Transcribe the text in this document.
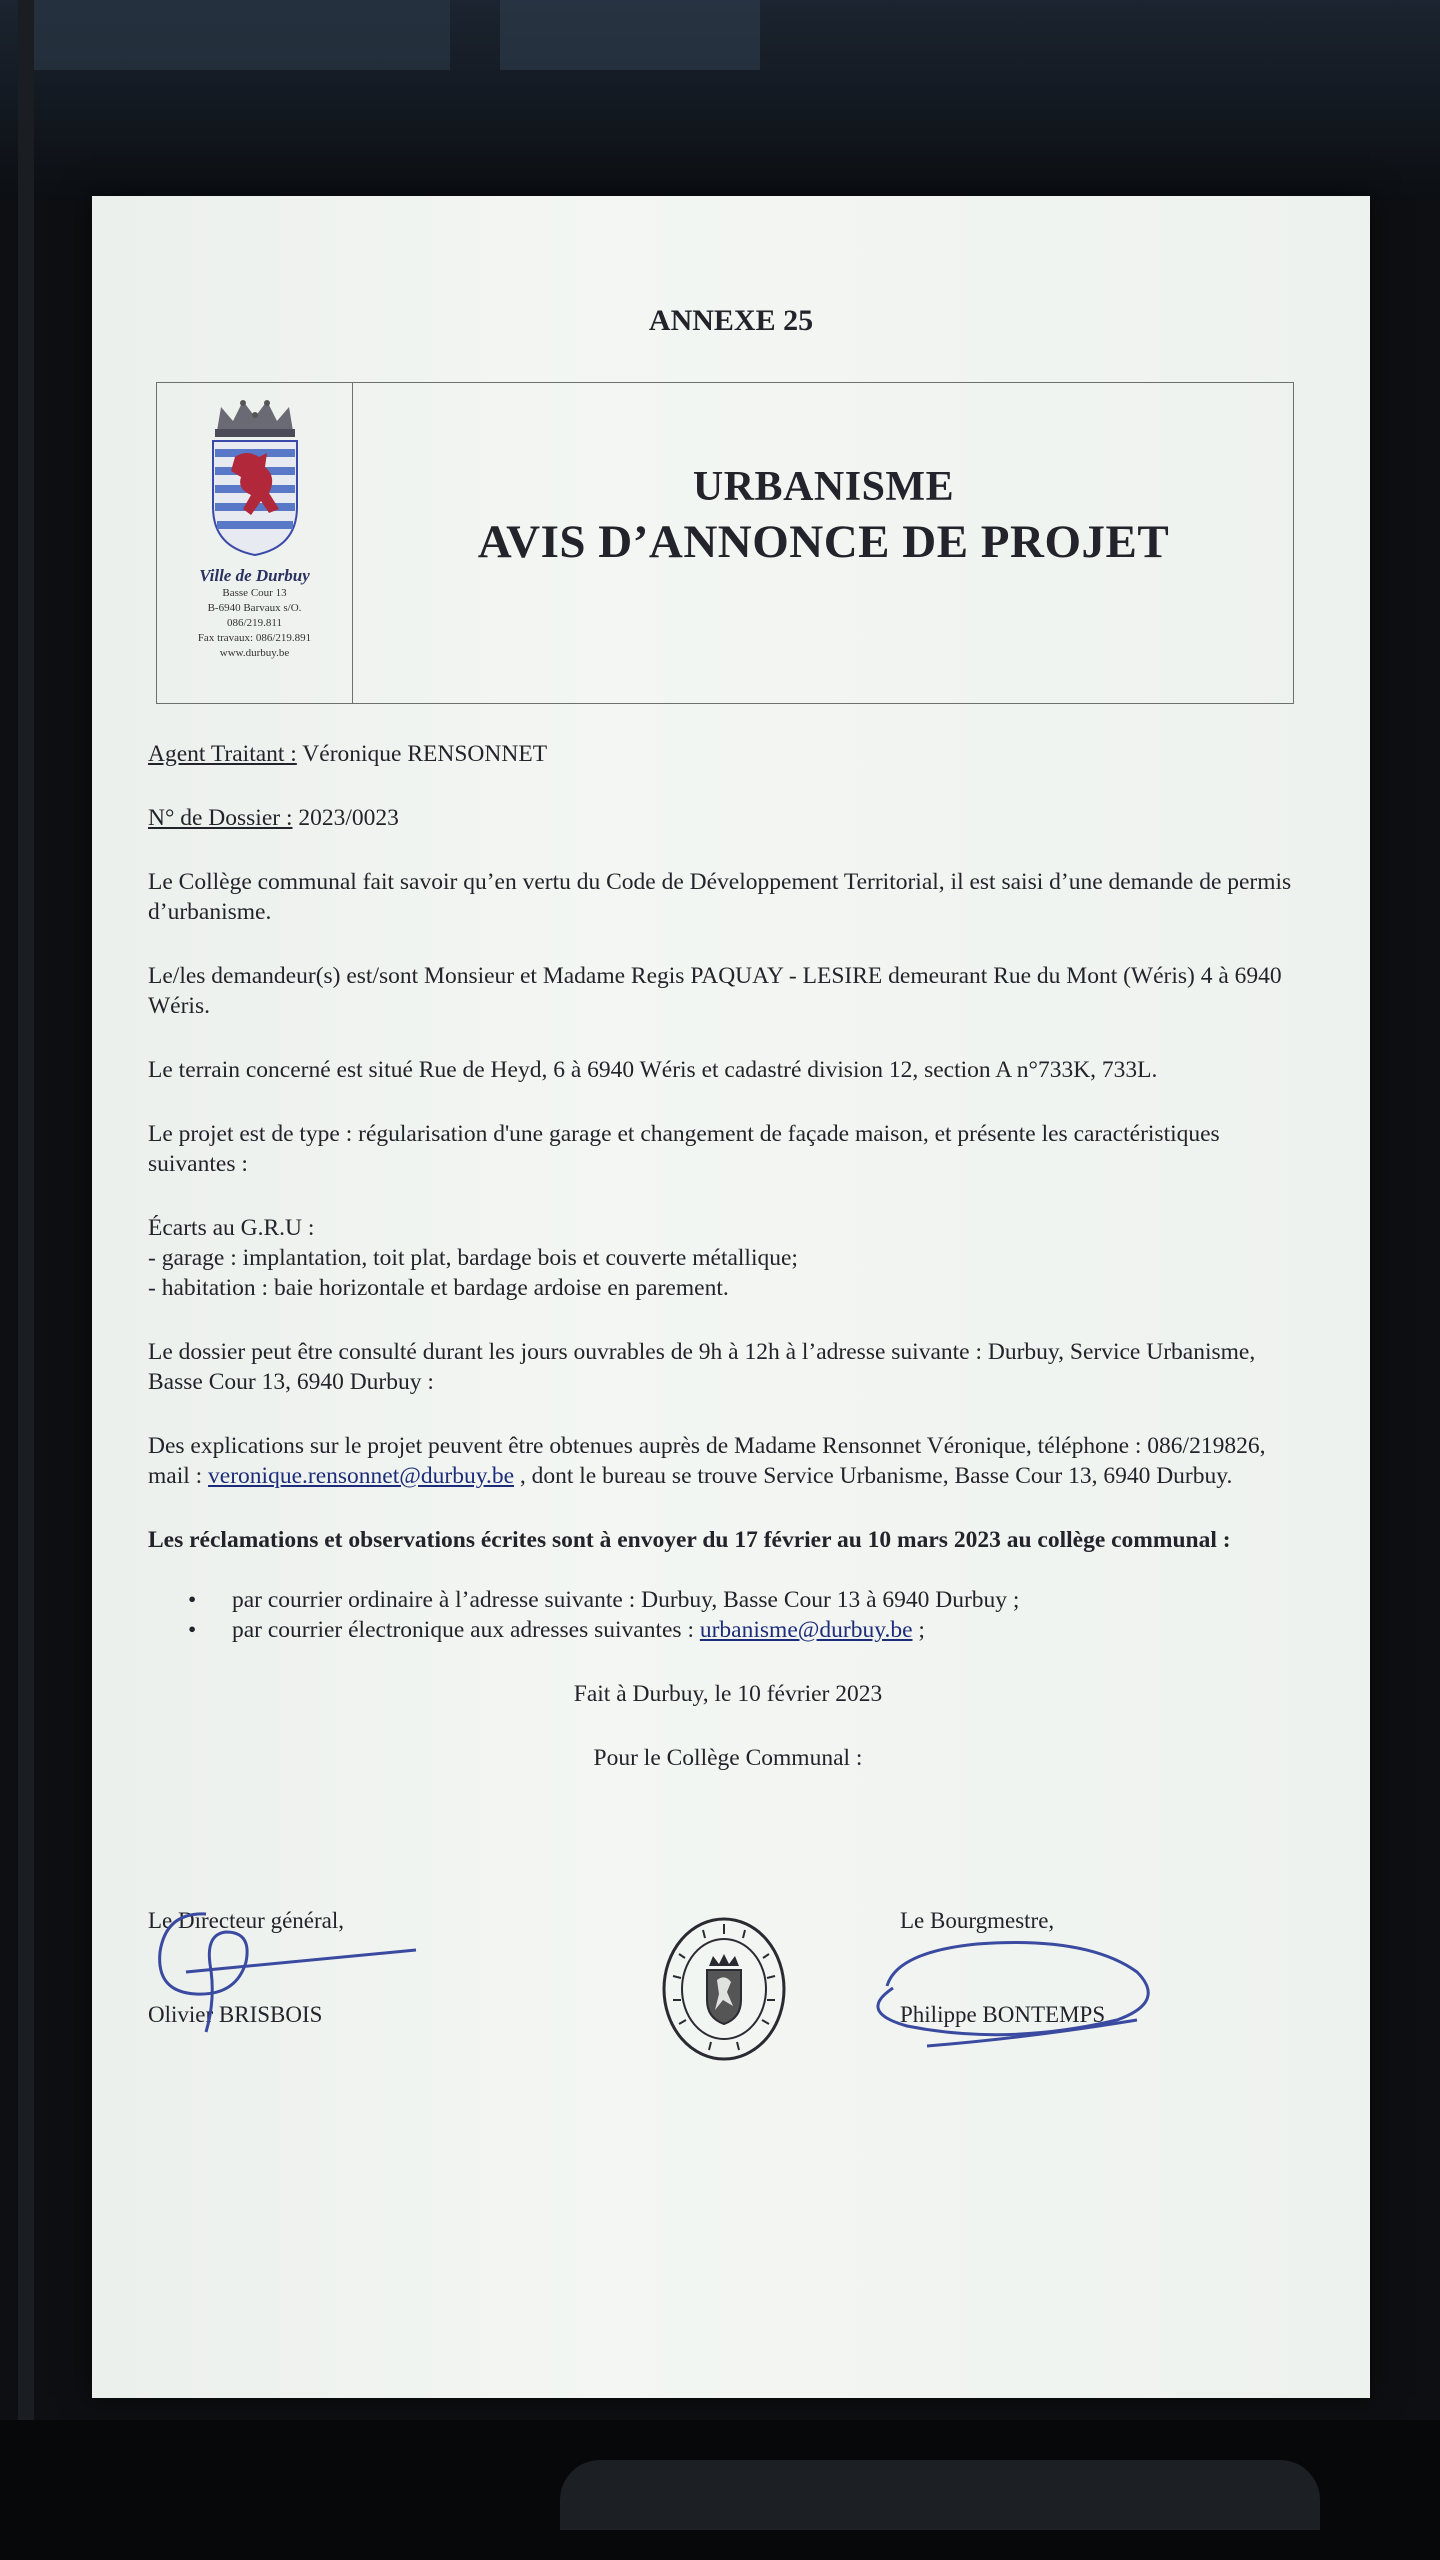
ANNEXE 25
Ville de Durbuy
Basse Cour 13
B-6940 Barvaux s/O.
086/219.811
Fax travaux: 086/219.891
www.durbuy.be
URBANISME
AVIS D’ANNONCE DE PROJET

Agent Traitant : Véronique RENSONNET

N° de Dossier : 2023/0023

Le Collège communal fait savoir qu’en vertu du Code de Développement Territorial, il est saisi d’une demande de permis d’urbanisme.

Le/les demandeur(s) est/sont Monsieur et Madame Regis PAQUAY - LESIRE demeurant Rue du Mont (Wéris) 4 à 6940 Wéris.

Le terrain concerné est situé Rue de Heyd, 6 à 6940 Wéris et cadastré division 12, section A n°733K, 733L.

Le projet est de type : régularisation d'une garage et changement de façade maison, et présente les caractéristiques suivantes :

Écarts au G.R.U :

- garage : implantation, toit plat, bardage bois et couverte métallique;

- habitation : baie horizontale et bardage ardoise en parement.

Le dossier peut être consulté durant les jours ouvrables de 9h à 12h à l’adresse suivante : Durbuy, Service Urbanisme, Basse Cour 13, 6940 Durbuy :

Des explications sur le projet peuvent être obtenues auprès de Madame Rensonnet Véronique, téléphone : 086/219826, mail : veronique.rensonnet@durbuy.be , dont le bureau se trouve Service Urbanisme, Basse Cour 13, 6940 Durbuy.

Les réclamations et observations écrites sont à envoyer du 17 février au 10 mars 2023 au collège communal :

• par courrier ordinaire à l’adresse suivante : Durbuy, Basse Cour 13 à 6940 Durbuy ;
• par courrier électronique aux adresses suivantes : urbanisme@durbuy.be ;

Fait à Durbuy, le 10 février 2023

Pour le Collège Communal :

Le Directeur général,
Olivier BRISBOIS
Le Bourgmestre,
Philippe BONTEMPS
